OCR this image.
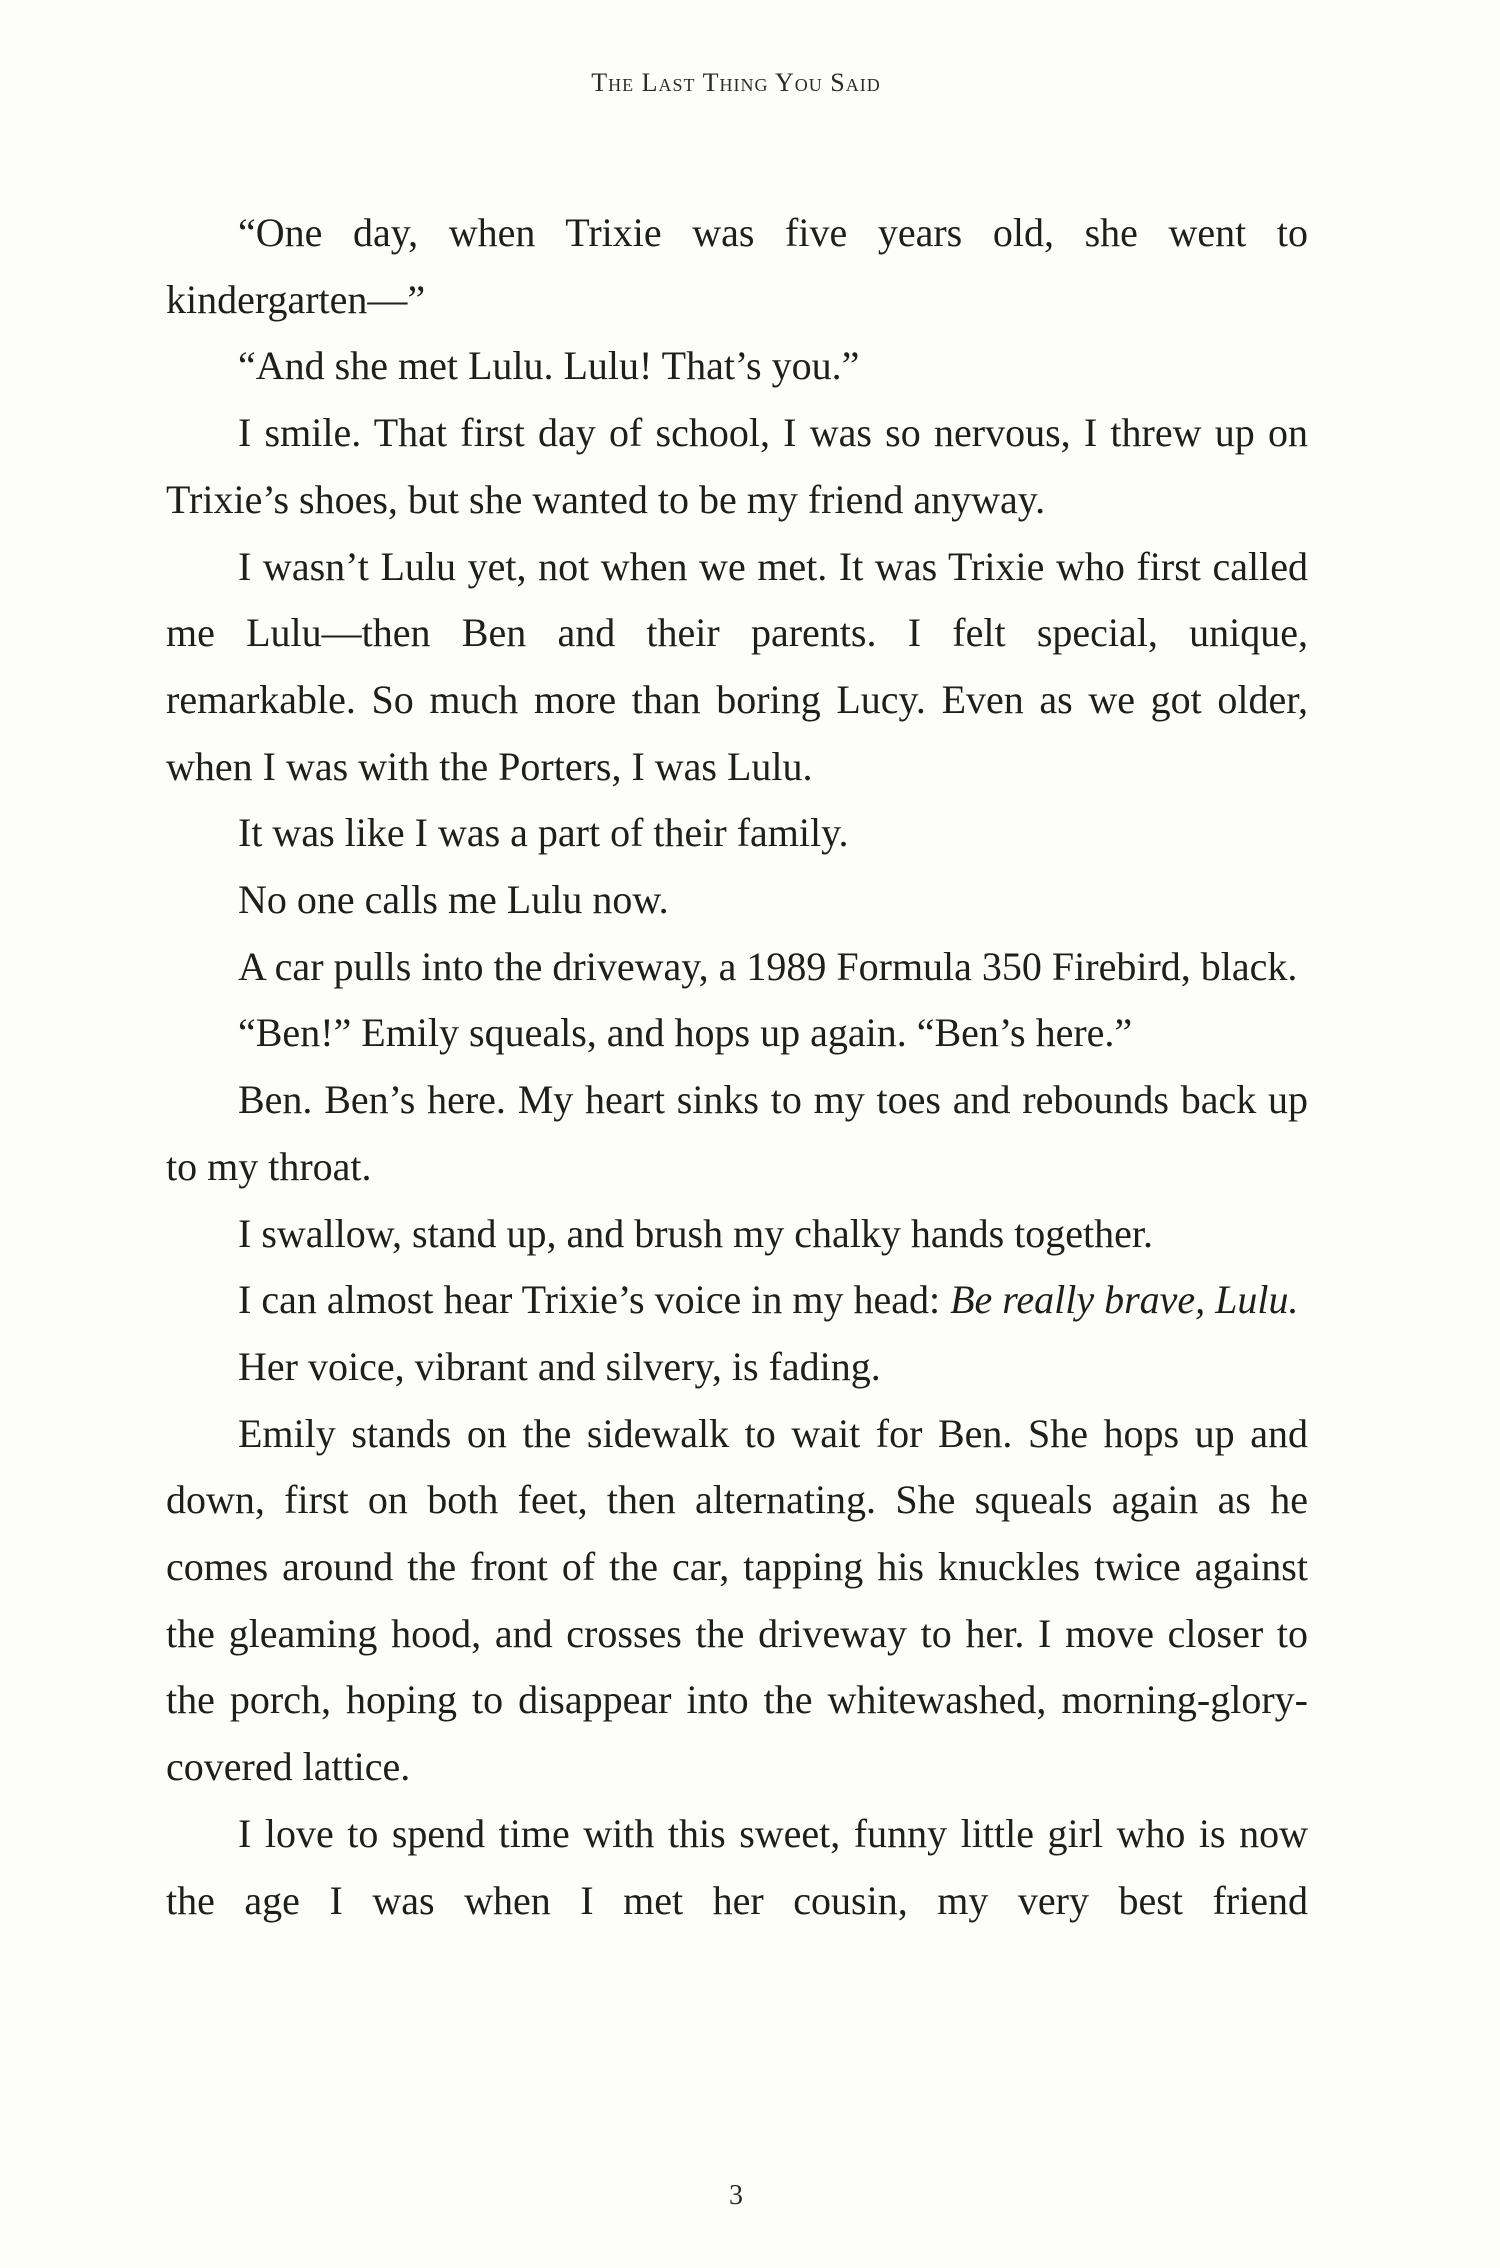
The Last Thing You Said

“One day, when Trixie was five years old, she went to kindergarten—”

“And she met Lulu. Lulu! That’s you.”

I smile. That first day of school, I was so nervous, I threw up on Trixie’s shoes, but she wanted to be my friend anyway.

I wasn’t Lulu yet, not when we met. It was Trixie who first called me Lulu—then Ben and their parents. I felt special, unique, remarkable. So much more than boring Lucy. Even as we got older, when I was with the Porters, I was Lulu.

It was like I was a part of their family.

No one calls me Lulu now.

A car pulls into the driveway, a 1989 Formula 350 Firebird, black.

“Ben!” Emily squeals, and hops up again. “Ben’s here.”

Ben. Ben’s here. My heart sinks to my toes and rebounds back up to my throat.

I swallow, stand up, and brush my chalky hands together.

I can almost hear Trixie’s voice in my head: Be really brave, Lulu.

Her voice, vibrant and silvery, is fading.

Emily stands on the sidewalk to wait for Ben. She hops up and down, first on both feet, then alternating. She squeals again as he comes around the front of the car, tapping his knuckles twice against the gleaming hood, and crosses the driveway to her. I move closer to the porch, hoping to disappear into the whitewashed, morning-glory-covered lattice.

I love to spend time with this sweet, funny little girl who is now the age I was when I met her cousin, my very best friend

3
